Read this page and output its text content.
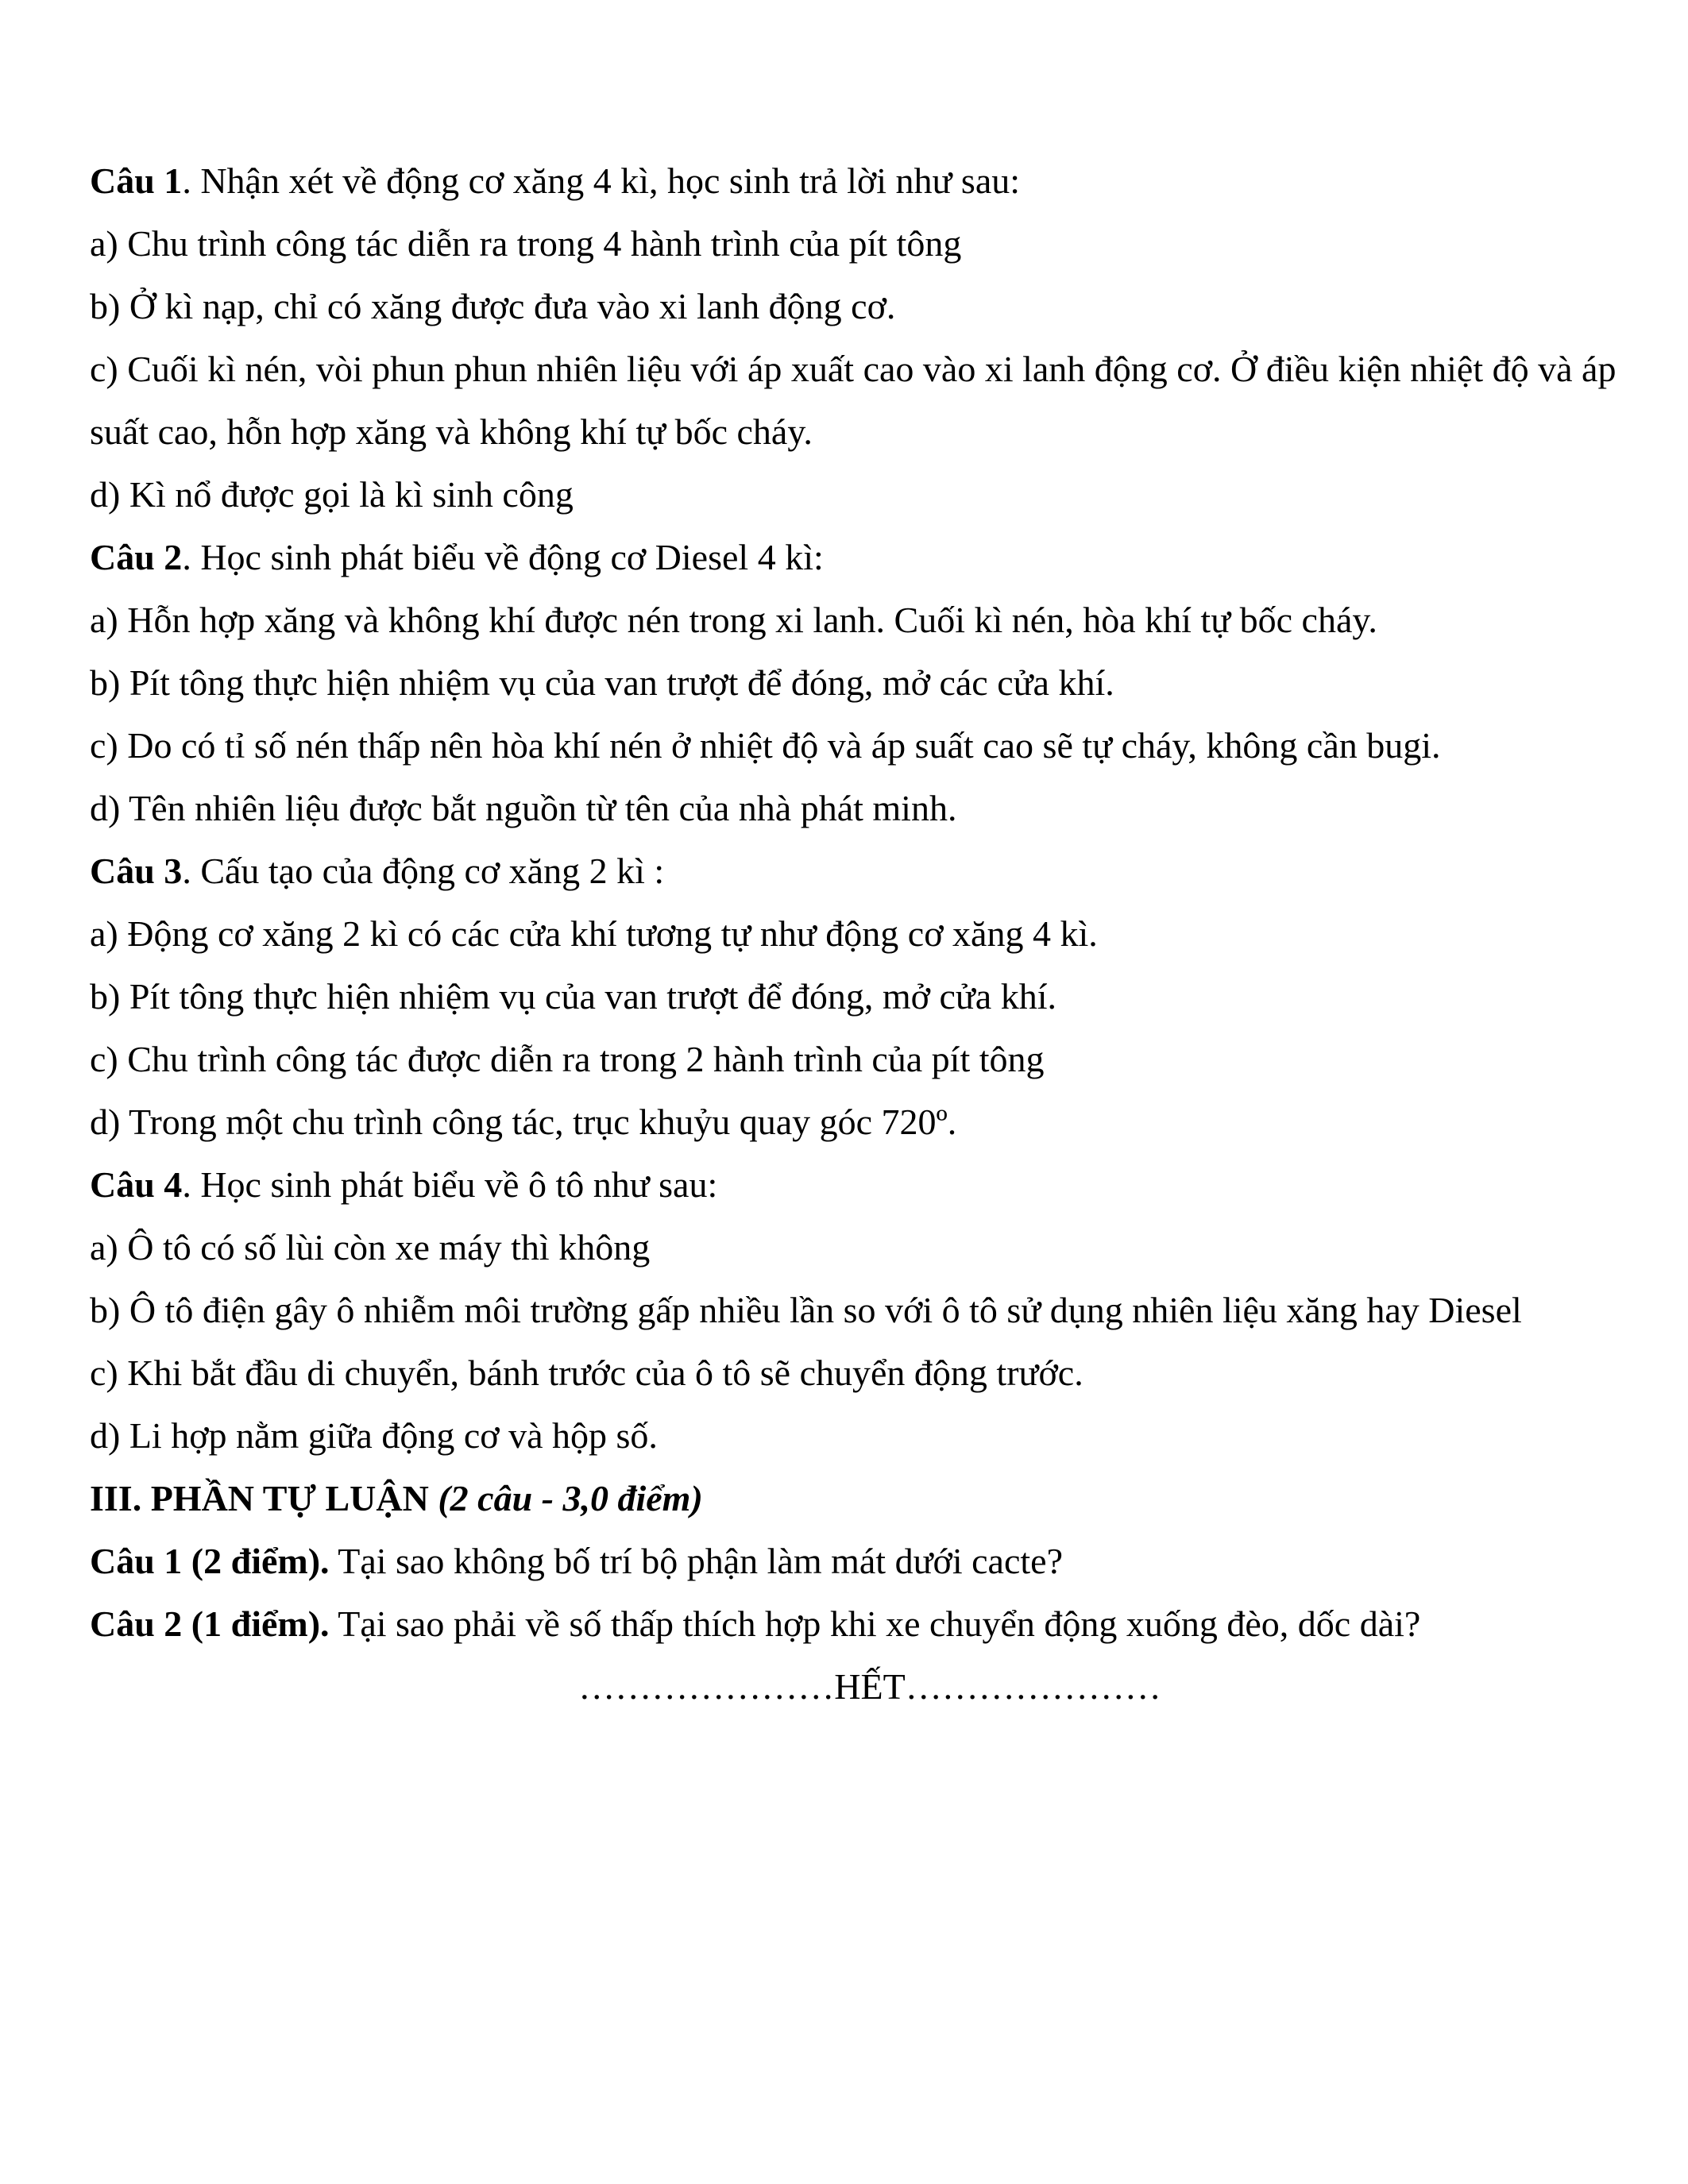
Câu 1. Nhận xét về động cơ xăng 4 kì, học sinh trả lời như sau:

a) Chu trình công tác diễn ra trong 4 hành trình của pít tông

b) Ở kì nạp, chỉ có xăng được đưa vào xi lanh động cơ.

c) Cuối kì nén, vòi phun phun nhiên liệu với áp xuất cao vào xi lanh động cơ. Ở điều kiện nhiệt độ và áp suất cao, hỗn hợp xăng và không khí tự bốc cháy.

d) Kì nổ được gọi là kì sinh công

Câu 2. Học sinh phát biểu về động cơ Diesel 4 kì:

a) Hỗn hợp xăng và không khí được nén trong xi lanh. Cuối kì nén, hòa khí tự bốc cháy.

b) Pít tông thực hiện nhiệm vụ của van trượt để đóng, mở các cửa khí.

c) Do có tỉ số nén thấp nên hòa khí nén ở nhiệt độ và áp suất cao sẽ tự cháy, không cần bugi.

d) Tên nhiên liệu được bắt nguồn từ tên của nhà phát minh.

Câu 3. Cấu tạo của động cơ xăng 2 kì :

a) Động cơ xăng 2 kì có các cửa khí tương tự như động cơ xăng 4 kì.

b) Pít tông thực hiện nhiệm vụ của van trượt để đóng, mở cửa khí.

c) Chu trình công tác được diễn ra trong 2 hành trình của pít tông

d) Trong một chu trình công tác, trục khuỷu quay góc 720º.

Câu 4. Học sinh phát biểu về ô tô như sau:

a) Ô tô có số lùi còn xe máy thì không

b) Ô tô điện gây ô nhiễm môi trường gấp nhiều lần so với ô tô sử dụng nhiên liệu xăng hay Diesel

c) Khi bắt đầu di chuyển, bánh trước của ô tô sẽ chuyển động trước.

d) Li hợp nằm giữa động cơ và hộp số.

III. PHẦN TỰ LUẬN (2 câu - 3,0 điểm)

Câu 1 (2 điểm). Tại sao không bố trí bộ phận làm mát dưới cacte?

Câu 2 (1 điểm). Tại sao phải về số thấp thích hợp khi xe chuyển động xuống đèo, dốc dài?

…………………HẾT…………………
